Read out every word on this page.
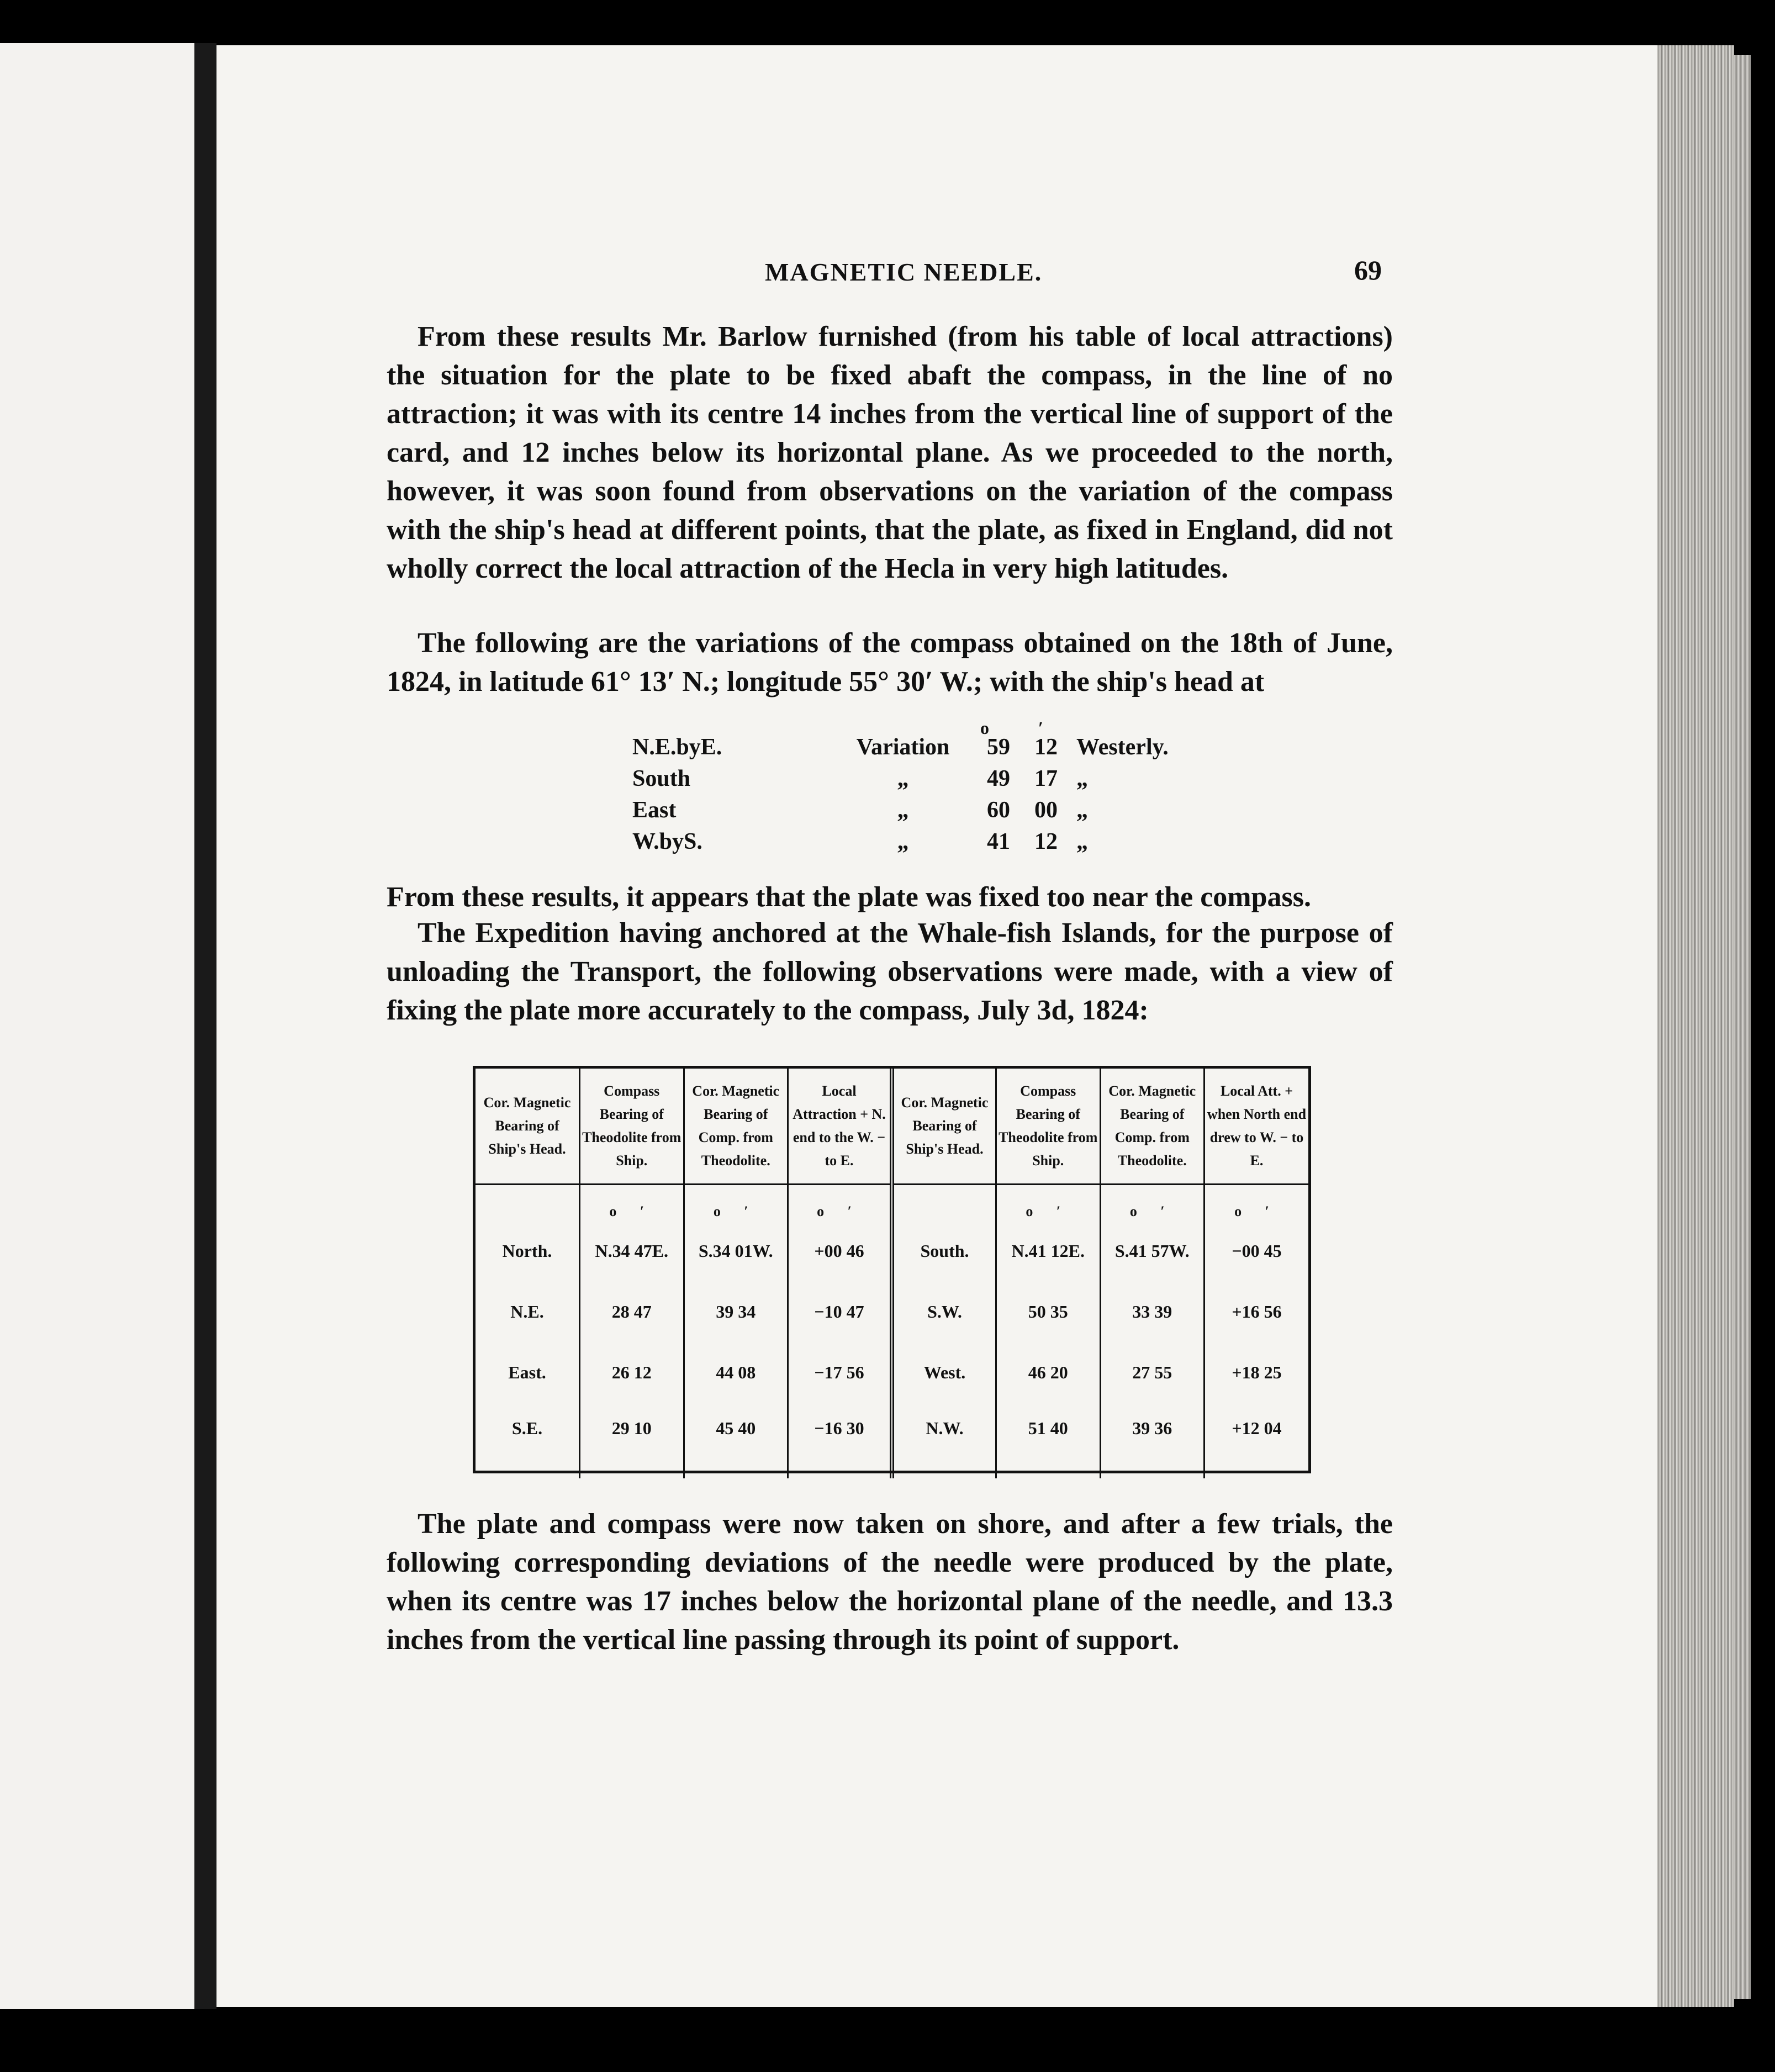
MAGNETIC NEEDLE.	69

From these results Mr. Barlow furnished (from his table of local attractions) the situation for the plate to be fixed abaft the compass, in the line of no attraction; it was with its centre 14 inches from the vertical line of support of the card, and 12 inches below its horizontal plane. As we proceeded to the north, however, it was soon found from observations on the variation of the compass with the ship's head at different points, that the plate, as fixed in England, did not wholly correct the local attraction of the Hecla in very high latitudes.

The following are the variations of the compass obtained on the 18th of June, 1824, in latitude 61° 13′ N.; longitude 55° 30′ W.; with the ship's head at

o	′
N.E.byE.	Variation	59	12	Westerly.
South	„	49	17	„
East	„	60	00	„
W.byS.	„	41	12	„

From these results, it appears that the plate was fixed too near the compass.

The Expedition having anchored at the Whale-fish Islands, for the purpose of unloading the Transport, the following observations were made, with a view of fixing the plate more accurately to the compass, July 3d, 1824:

Cor. Magnetic Bearing of Ship's Head.	Compass Bearing of Theodolite from Ship.	Cor. Magnetic Bearing of Comp. from Theodolite.	Local Attraction + N. end to the W. − to E.	Cor. Magnetic Bearing of Ship's Head.	Compass Bearing of Theodolite from Ship.	Cor. Magnetic Bearing of Comp. from Theodolite.	Local Att. + when North end drew to W. − to E.
	o ′	o ′	o ′		o ′	o ′	o ′
North.	N.34 47E.	S.34 01W.	+00 46	South.	N.41 12E.	S.41 57W.	−00 45
N.E.	28 47	39 34	−10 47	S.W.	50 35	33 39	+16 56
East.	26 12	44 08	−17 56	West.	46 20	27 55	+18 25
S.E.	29 10	45 40	−16 30	N.W.	51 40	39 36	+12 04

The plate and compass were now taken on shore, and after a few trials, the following corresponding deviations of the needle were produced by the plate, when its centre was 17 inches below the horizontal plane of the needle, and 13.3 inches from the vertical line passing through its point of support.
